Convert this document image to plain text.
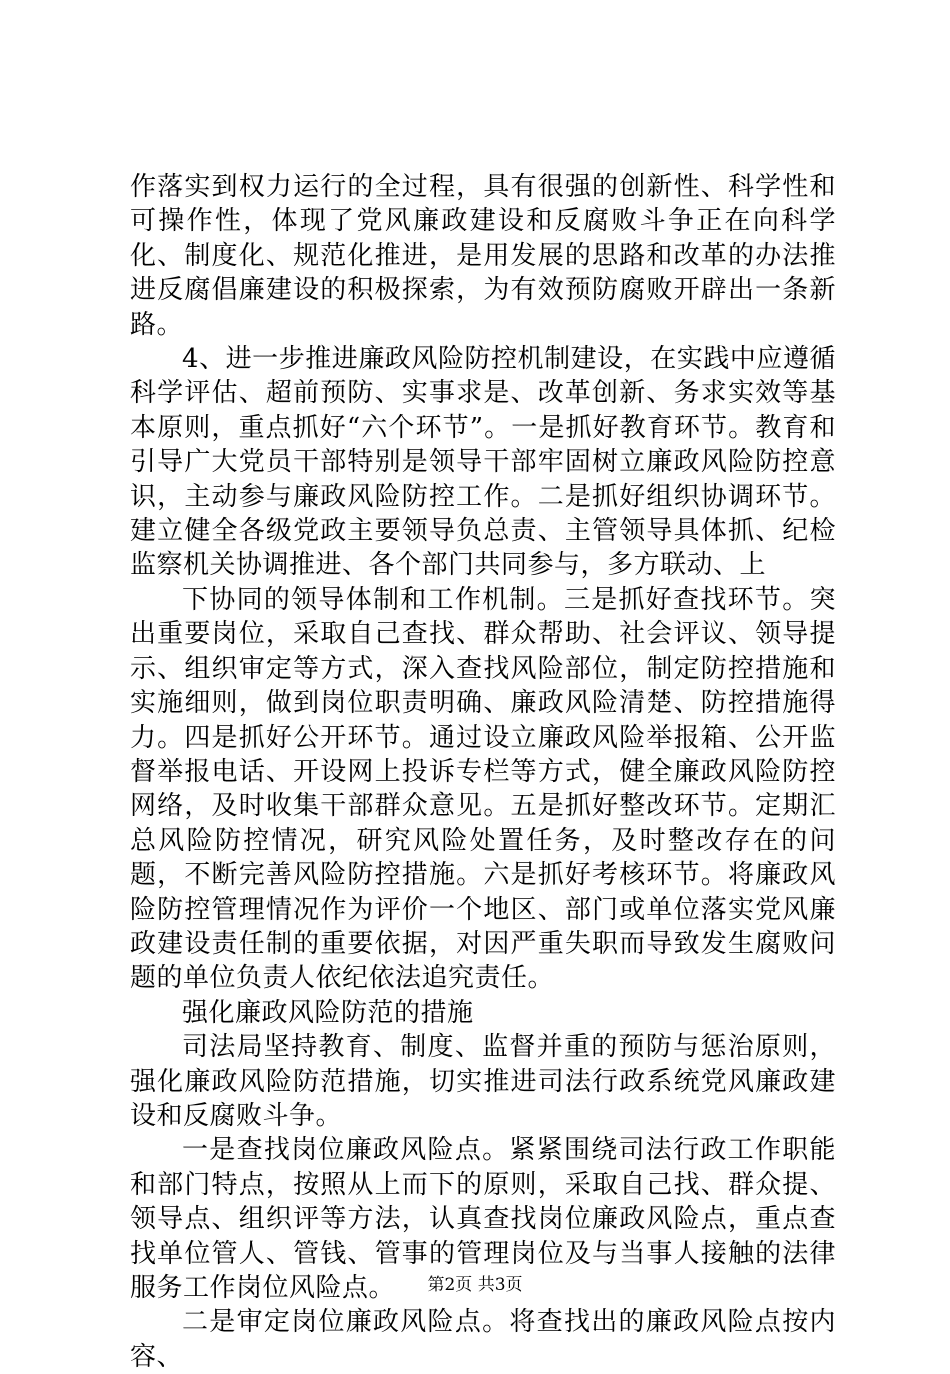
作落实到权力运行的全过程，具有很强的创新性、科学性和可操作性，体现了党风廉政建设和反腐败斗争正在向科学化、制度化、规范化推进，是用发展的思路和改革的办法推进反腐倡廉建设的积极探索，为有效预防腐败开辟出一条新路。

4、进一步推进廉政风险防控机制建设，在实践中应遵循科学评估、超前预防、实事求是、改革创新、务求实效等基本原则，重点抓好“六个环节”。一是抓好教育环节。教育和引导广大党员干部特别是领导干部牢固树立廉政风险防控意识，主动参与廉政风险防控工作。二是抓好组织协调环节。建立健全各级党政主要领导负总责、主管领导具体抓、纪检监察机关协调推进、各个部门共同参与，多方联动、上

下协同的领导体制和工作机制。三是抓好查找环节。突出重要岗位，采取自己查找、群众帮助、社会评议、领导提示、组织审定等方式，深入查找风险部位，制定防控措施和实施细则，做到岗位职责明确、廉政风险清楚、防控措施得力。四是抓好公开环节。通过设立廉政风险举报箱、公开监督举报电话、开设网上投诉专栏等方式，健全廉政风险防控网络，及时收集干部群众意见。五是抓好整改环节。定期汇总风险防控情况，研究风险处置任务，及时整改存在的问题，不断完善风险防控措施。六是抓好考核环节。将廉政风险防控管理情况作为评价一个地区、部门或单位落实党风廉政建设责任制的重要依据，对因严重失职而导致发生腐败问题的单位负责人依纪依法追究责任。

强化廉政风险防范的措施

司法局坚持教育、制度、监督并重的预防与惩治原则，强化廉政风险防范措施，切实推进司法行政系统党风廉政建设和反腐败斗争。

一是查找岗位廉政风险点。紧紧围绕司法行政工作职能和部门特点，按照从上而下的原则，采取自己找、群众提、领导点、组织评等方法，认真查找岗位廉政风险点，重点查找单位管人、管钱、管事的管理岗位及与当事人接触的法律服务工作岗位风险点。

二是审定岗位廉政风险点。将查找出的廉政风险点按内容、

第2页 共3页
